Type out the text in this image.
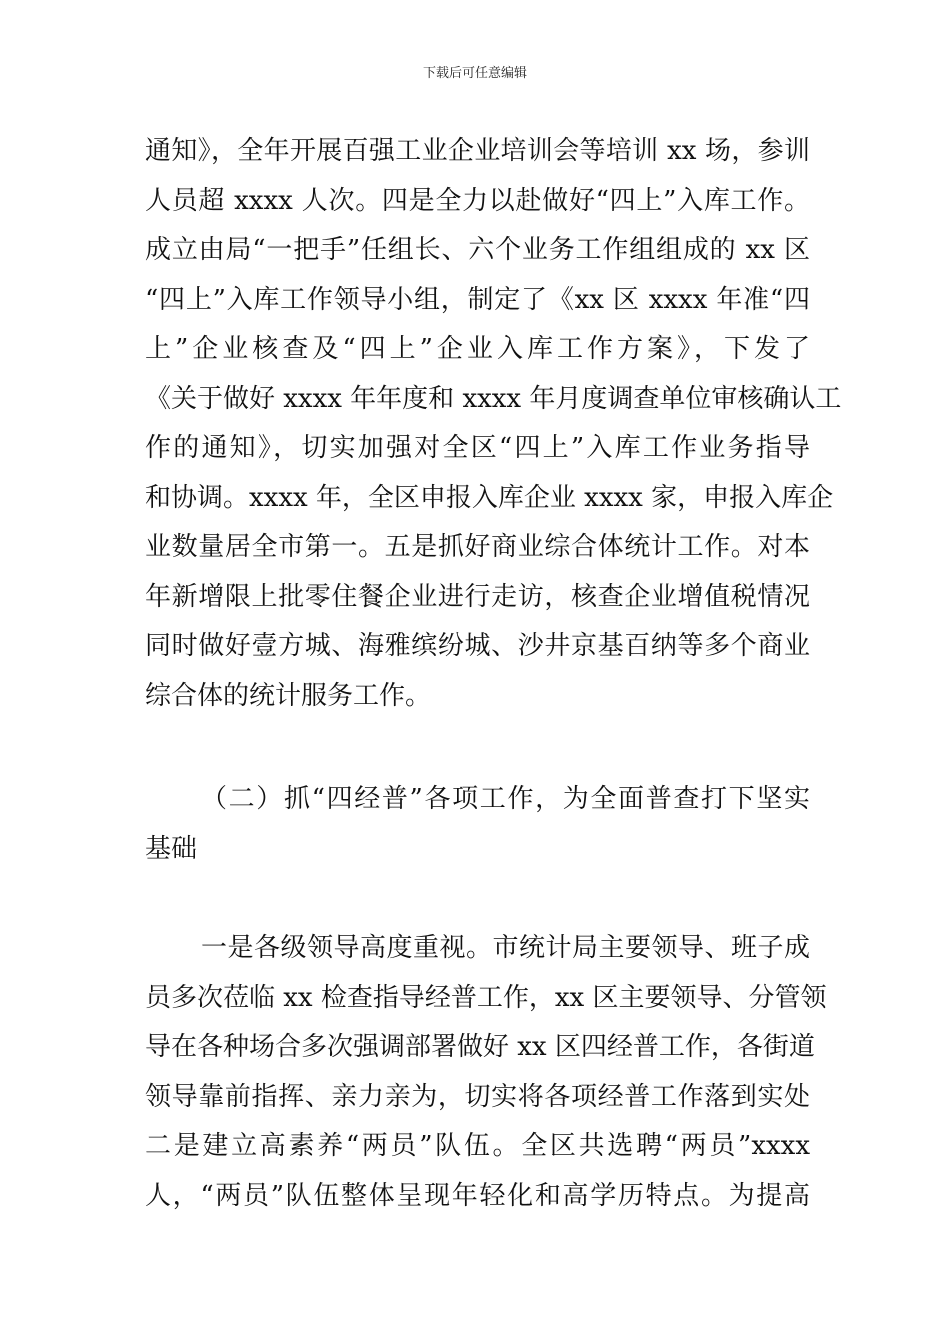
下载后可任意编辑
通知》，全年开展百强工业企业培训会等培训 xx 场，参训
人员超 xxxx 人次。四是全力以赴做好“四上”入库工作。
成立由局“一把手”任组长、六个业务工作组组成的 xx 区
“四上”入库工作领导小组，制定了《xx 区 xxxx 年准“四
上”企业核查及“四上”企业入库工作方案》，下发了
《关于做好 xxxx 年年度和 xxxx 年月度调查单位审核确认工
作的通知》，切实加强对全区“四上”入库工作业务指导
和协调。xxxx 年，全区申报入库企业 xxxx 家，申报入库企
业数量居全市第一。五是抓好商业综合体统计工作。对本
年新增限上批零住餐企业进行走访，核查企业增值税情况
同时做好壹方城、海雅缤纷城、沙井京基百纳等多个商业
综合体的统计服务工作。
（二）抓“四经普”各项工作，为全面普查打下坚实
基础
一是各级领导高度重视。市统计局主要领导、班子成
员多次莅临 xx 检查指导经普工作，xx 区主要领导、分管领
导在各种场合多次强调部署做好 xx 区四经普工作，各街道
领导靠前指挥、亲力亲为，切实将各项经普工作落到实处
二是建立高素养“两员”队伍。全区共选聘“两员”xxxx
人，“两员”队伍整体呈现年轻化和高学历特点。为提高
